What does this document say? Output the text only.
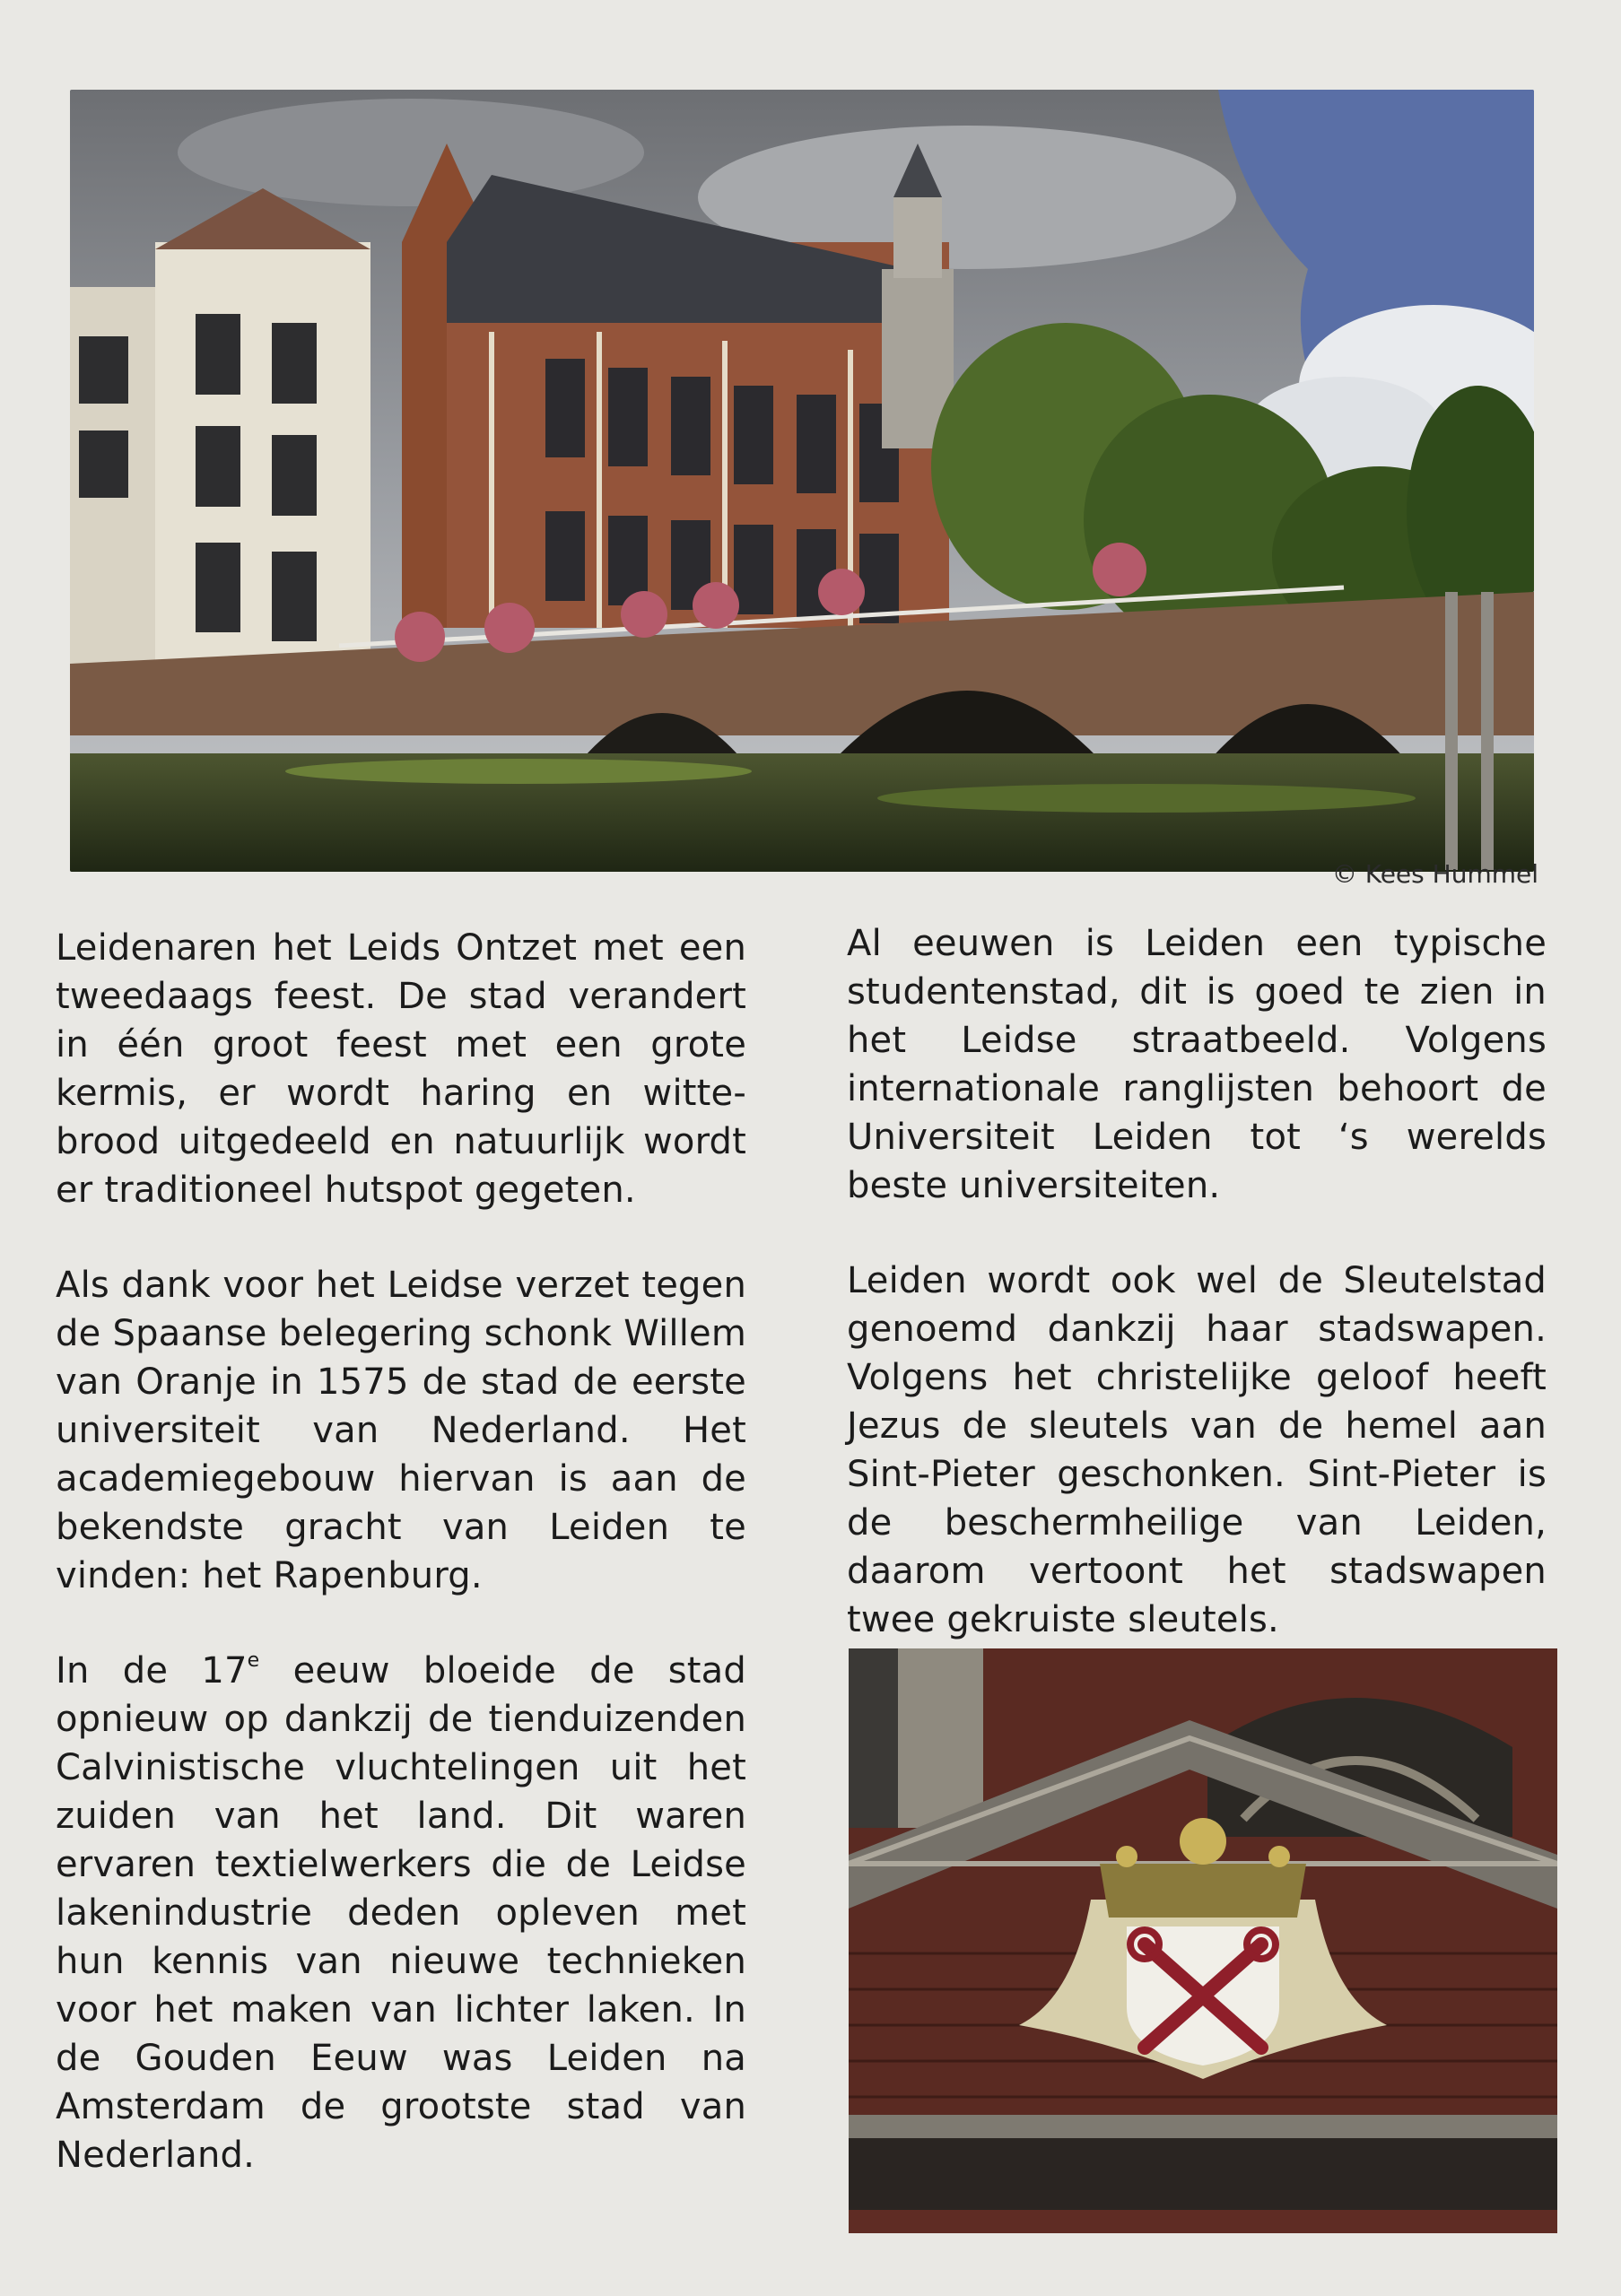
© Kees Hummel

Leidenaren het Leids Ontzet met een tweedaags feest. De stad verandert in één groot feest met een grote kermis, er wordt haring en witte-brood uitgedeeld en natuurlijk wordt er traditioneel hutspot gegeten.

Als dank voor het Leidse verzet tegen de Spaanse belegering schonk Willem van Oranje in 1575 de stad de eerste universiteit van Nederland. Het academiegebouw hiervan is aan de bekendste gracht van Leiden te vinden: het Rapenburg.

In de 17e eeuw bloeide de stad opnieuw op dankzij de tienduizenden Calvinistische vluchtelingen uit het zuiden van het land. Dit waren ervaren textielwerkers die de Leidse lakenindustrie deden opleven met hun kennis van nieuwe technieken voor het maken van lichter laken. In de Gouden Eeuw was Leiden na Amsterdam de grootste stad van Nederland.

Al eeuwen is Leiden een typische studentenstad, dit is goed te zien in het Leidse straatbeeld. Volgens internationale ranglijsten behoort de Universiteit Leiden tot ‘s werelds beste universiteiten.

Leiden wordt ook wel de Sleutelstad genoemd dankzij haar stadswapen. Volgens het christelijke geloof heeft Jezus de sleutels van de hemel aan Sint-Pieter geschonken. Sint-Pieter is de beschermheilige van Leiden, daarom vertoont het stadswapen twee gekruiste sleutels.
